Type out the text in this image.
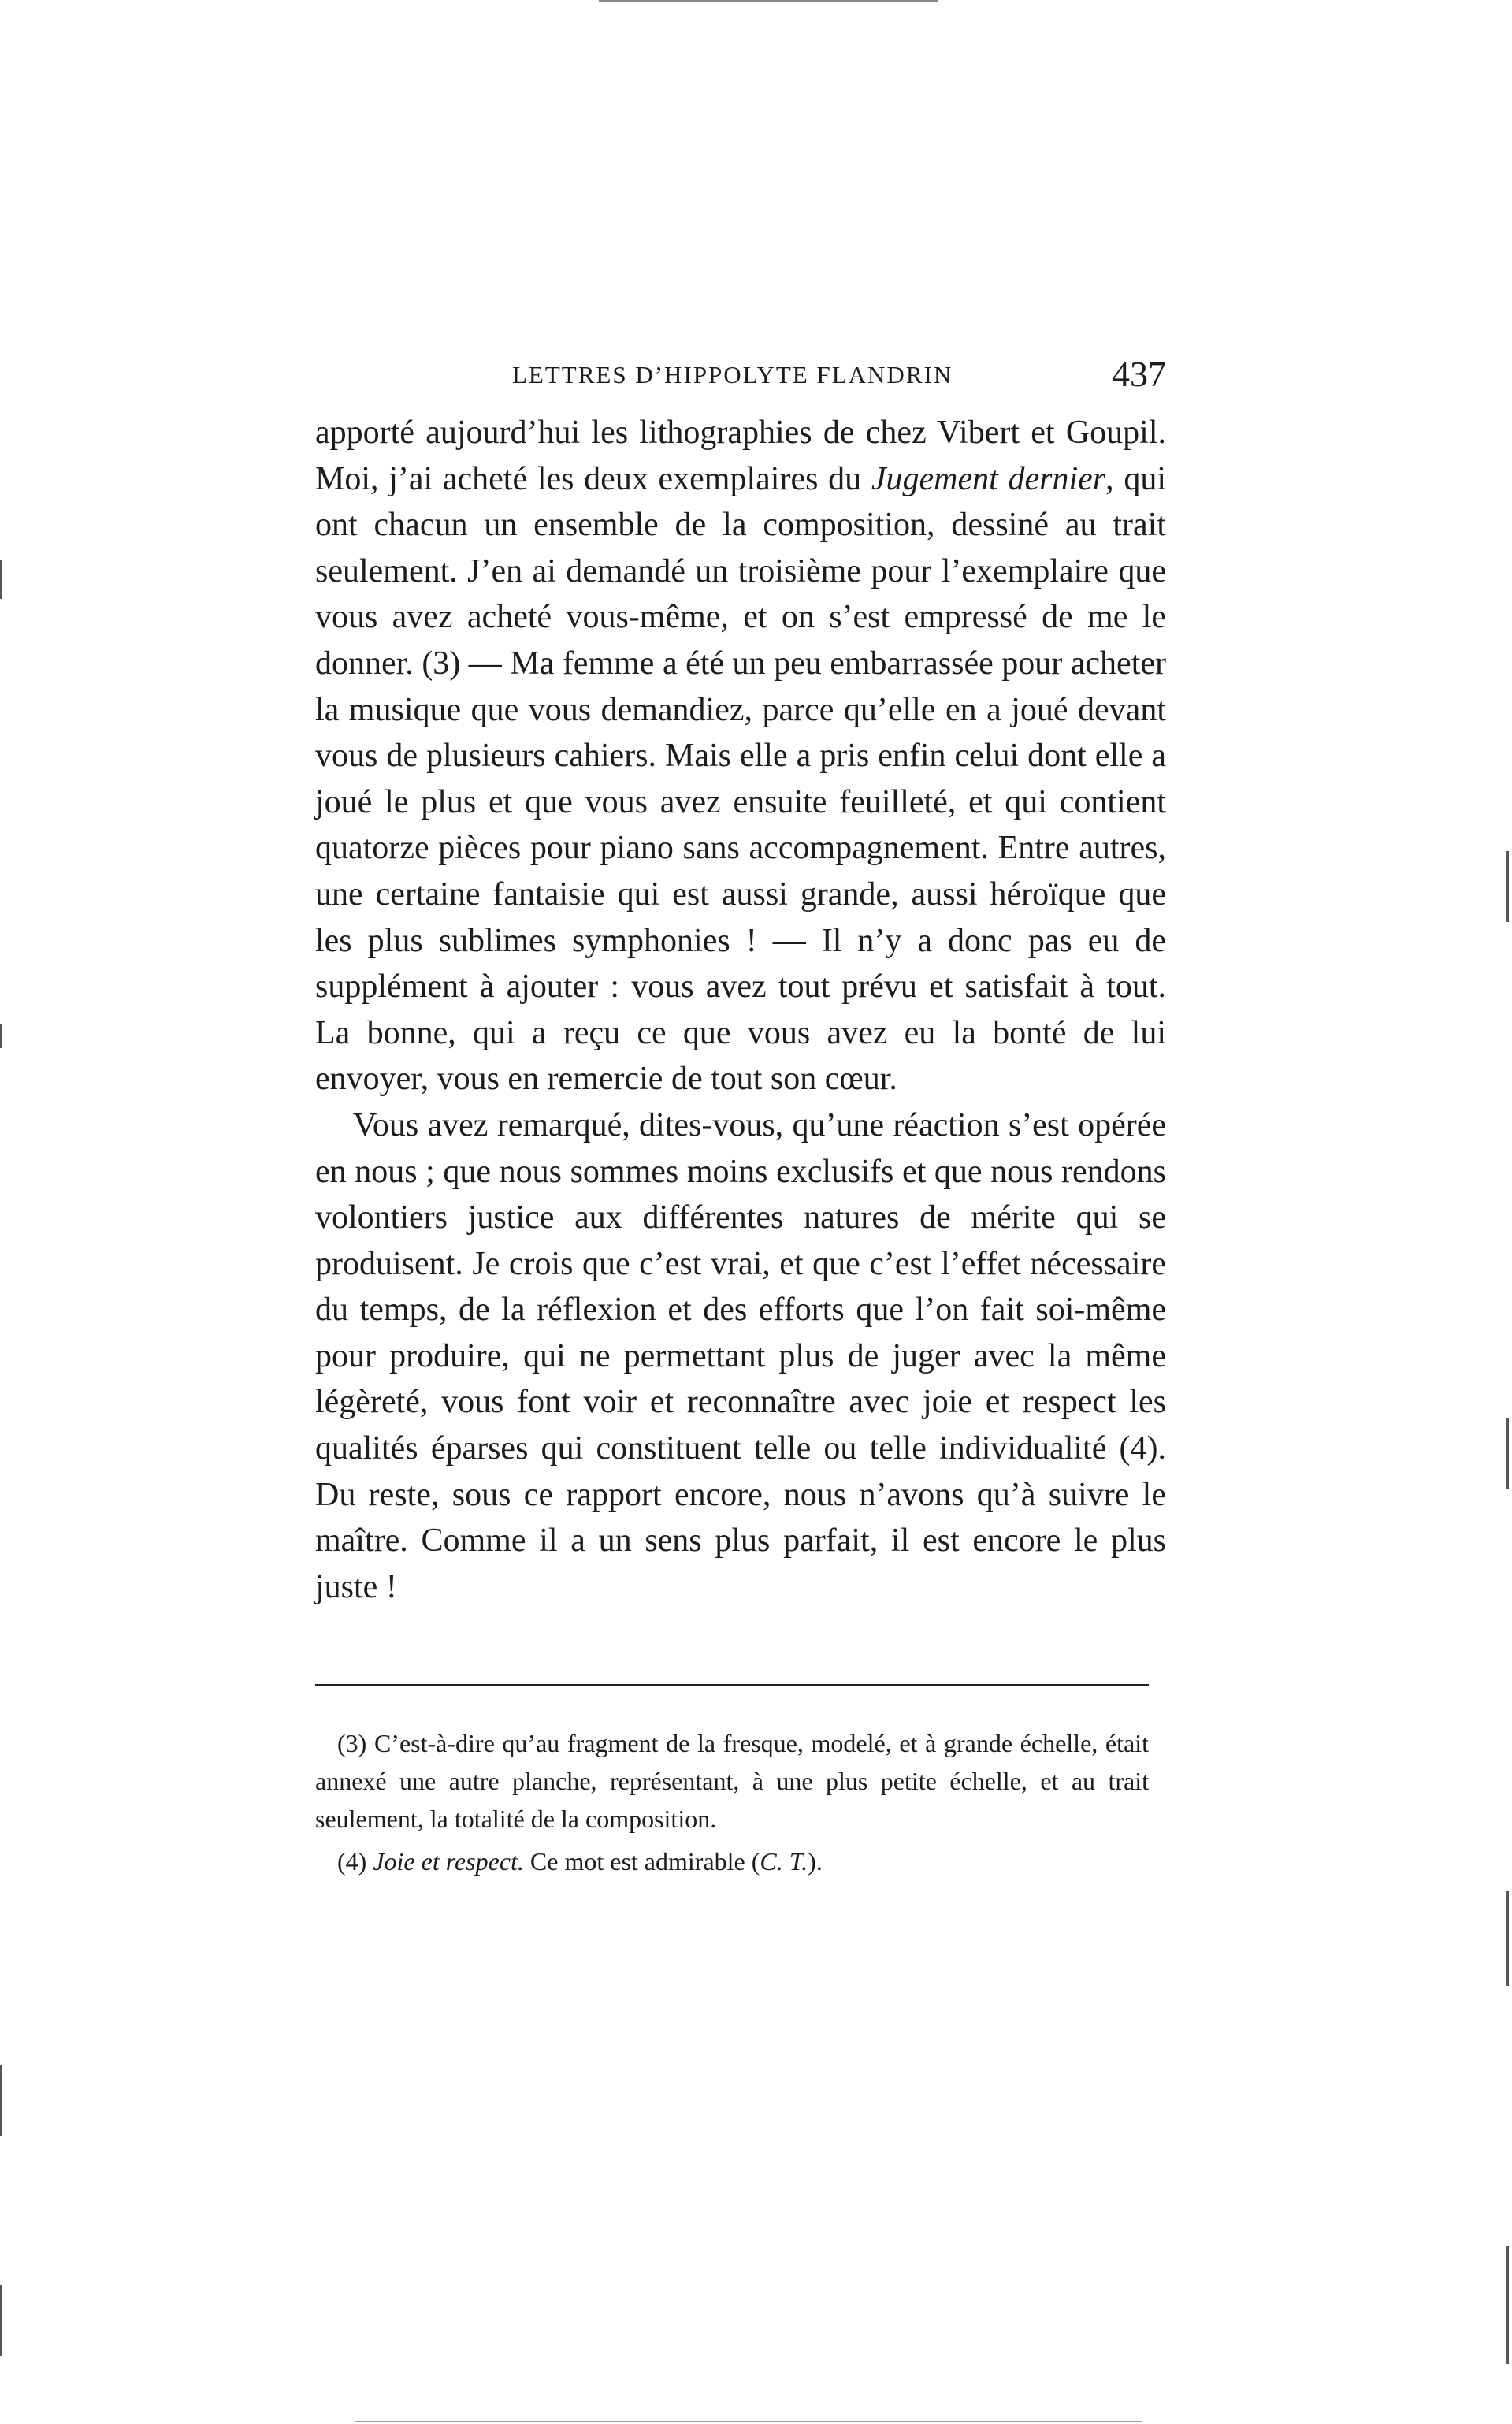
LETTRES D’HIPPOLYTE FLANDRIN	437

apporté aujourd’hui les lithographies de chez Vibert et Goupil. Moi, j’ai acheté les deux exemplaires du Jugement dernier, qui ont chacun un ensemble de la composition, dessiné au trait seulement. J’en ai demandé un troisième pour l’exemplaire que vous avez acheté vous-même, et on s’est empressé de me le donner. (3) — Ma femme a été un peu embarrassée pour acheter la musique que vous demandiez, parce qu’elle en a joué devant vous de plusieurs cahiers. Mais elle a pris enfin celui dont elle a joué le plus et que vous avez ensuite feuilleté, et qui contient quatorze pièces pour piano sans accompagnement. Entre autres, une certaine fantaisie qui est aussi grande, aussi héroïque que les plus sublimes symphonies ! — Il n’y a donc pas eu de supplément à ajouter : vous avez tout prévu et satisfait à tout. La bonne, qui a reçu ce que vous avez eu la bonté de lui envoyer, vous en remercie de tout son cœur.

Vous avez remarqué, dites-vous, qu’une réaction s’est opérée en nous ; que nous sommes moins exclusifs et que nous rendons volontiers justice aux différentes natures de mérite qui se produisent. Je crois que c’est vrai, et que c’est l’effet nécessaire du temps, de la réflexion et des efforts que l’on fait soi-même pour produire, qui ne permettant plus de juger avec la même légèreté, vous font voir et reconnaître avec joie et respect les qualités éparses qui constituent telle ou telle individualité (4). Du reste, sous ce rapport encore, nous n’avons qu’à suivre le maître. Comme il a un sens plus parfait, il est encore le plus juste !

(3) C’est-à-dire qu’au fragment de la fresque, modelé, et à grande échelle, était annexé une autre planche, représentant, à une plus petite échelle, et au trait seulement, la totalité de la composition.

(4) Joie et respect. Ce mot est admirable (C. T.).
